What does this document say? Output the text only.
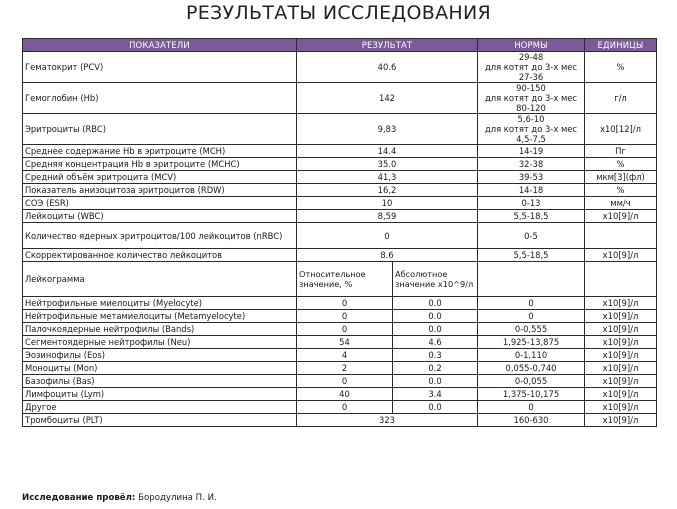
РЕЗУЛЬТАТЫ ИССЛЕДОВАНИЯ
ПОКАЗАТЕЛИ	РЕЗУЛЬТАТ		НОРМЫ	ЕДИНИЦЫ
Гематокрит (PCV)	40.6		29-48
для котят до 3-х мес
27-36	%
Гемоглобин (Hb)	142		90-150
для котят до 3-х мес
80-120	г/л
Эритроциты (RBC)	9,83		5,6-10
для котят до 3-х мес
4,5-7,5	х10[12]/л
Среднее содержание Hb в эритроците (MCH)	14.4		14-19	Пг
Средняя концентрация Hb в эритроците (MCHC)	35.0		32-38	%
Средний объём эритроцита (MCV)	41,3		39-53	мкм[3](фл)
Показатель анизоцитоза эритроцитов (RDW)	16,2		14-18	%
СОЭ (ESR)	10		0-13	мм/ч
Лейкоциты (WBC)	8,59		5,5-18,5	х10[9]/л
Количество ядерных эритроцитов/100 лейкоцитов (nRBC)	0		0-5	
Скорректированное количество лейкоцитов	8.6		5,5-18,5	х10[9]/л
Лейкограмма	Относительное значение, %	Абсолютное значение х10^9/л		
Нейтрофильные миелоциты (Myelocyte)	0	0.0	0	х10[9]/л
Нейтрофильные метамиелоциты (Metamyelocyte)	0	0.0	0	х10[9]/л
Палочкоядерные нейтрофилы (Bands)	0	0.0	0-0,555	х10[9]/л
Сегментоядерные нейтрофилы (Neu)	54	4.6	1,925-13,875	х10[9]/л
Эозинофилы (Eos)	4	0.3	0-1,110	х10[9]/л
Моноциты (Mon)	2	0.2	0,055-0,740	х10[9]/л
Базофилы (Bas)	0	0.0	0-0,055	х10[9]/л
Лимфоциты (Lym)	40	3.4	1,375-10,175	х10[9]/л
Другое	0	0.0	0	х10[9]/л
Тромбоциты (PLT)	323		160-630	х10[9]/л
Исследование провёл: Бородулина П. И.
